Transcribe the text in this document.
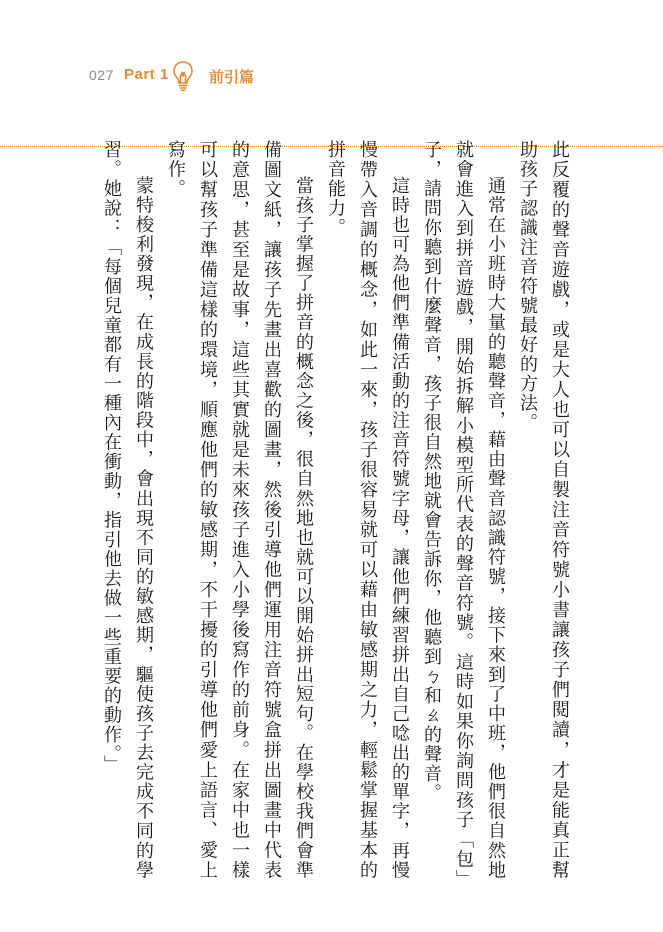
027 Part 1	前引篇

此反覆的聲音遊戲，或是大人也可以自製注音符號小書讓孩子們閱讀，才是能真正幫助孩子認識注音符號最好的方法。

通常在小班時大量的聽聲音，藉由聲音認識符號，接下來到了中班，他們很自然地就會進入到拼音遊戲，開始拆解小模型所代表的聲音符號。這時如果你詢問孩子「包」子，請問你聽到什麼聲音，孩子很自然地就會告訴你，他聽到ㄅ和ㄠ的聲音。

這時也可為他們準備活動的注音符號字母，讓他們練習拼出自己唸出的單字，再慢慢帶入音調的概念，如此一來，孩子很容易就可以藉由敏感期之力，輕鬆掌握基本的拼音能力。

當孩子掌握了拼音的概念之後，很自然地也就可以開始拼出短句。在學校我們會準備圖文紙，讓孩子先畫出喜歡的圖畫，然後引導他們運用注音符號盒拼出圖畫中代表的意思，甚至是故事，這些其實就是未來孩子進入小學後寫作的前身。在家中也一樣可以幫孩子準備這樣的環境，順應他們的敏感期，不干擾的引導他們愛上語言、愛上寫作。

蒙特梭利發現，在成長的階段中，會出現不同的敏感期，驅使孩子去完成不同的學習。她說：「每個兒童都有一種內在衝動，指引他去做一些重要的動作。」
